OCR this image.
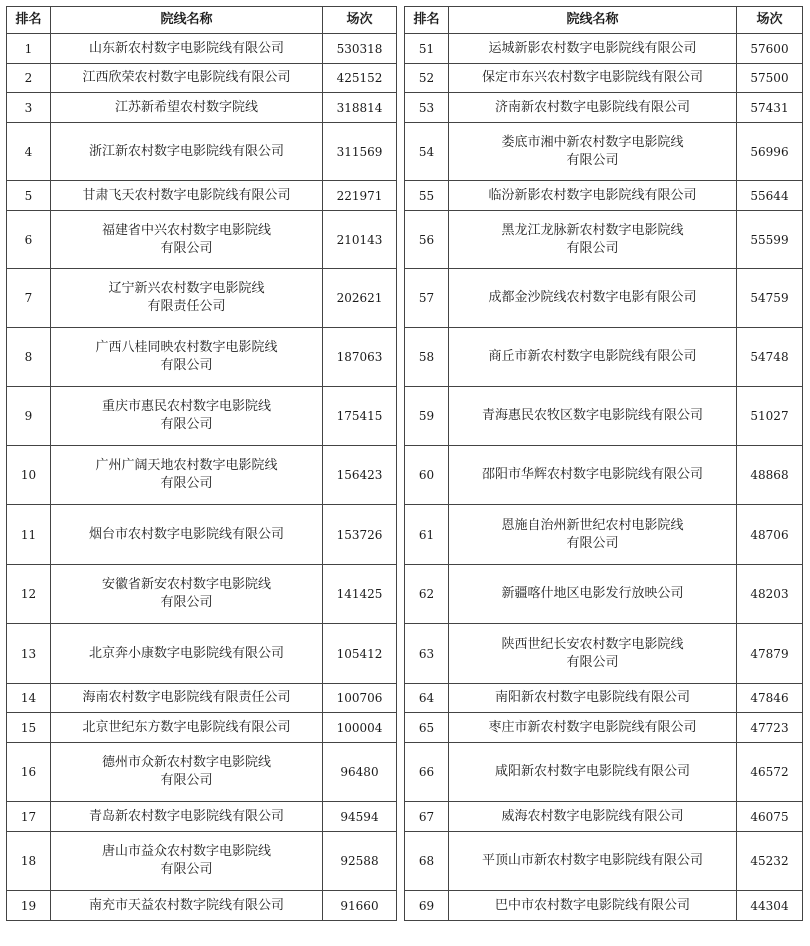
排名	院线名称	场次
1	山东新农村数字电影院线有限公司	530318
2	江西欣荣农村数字电影院线有限公司	425152
3	江苏新希望农村数字院线	318814
4	浙江新农村数字电影院线有限公司	311569
5	甘肃飞天农村数字电影院线有限公司	221971
6	福建省中兴农村数字电影院线
有限公司	210143
7	辽宁新兴农村数字电影院线
有限责任公司	202621
8	广西八桂同映农村数字电影院线
有限公司	187063
9	重庆市惠民农村数字电影院线
有限公司	175415
10	广州广阔天地农村数字电影院线
有限公司	156423
11	烟台市农村数字电影院线有限公司	153726
12	安徽省新安农村数字电影院线
有限公司	141425
13	北京奔小康数字电影院线有限公司	105412
14	海南农村数字电影院线有限责任公司	100706
15	北京世纪东方数字电影院线有限公司	100004
16	德州市众新农村数字电影院线
有限公司	96480
17	青岛新农村数字电影院线有限公司	94594
18	唐山市益众农村数字电影院线
有限公司	92588
19	南充市天益农村数字院线有限公司	91660
排名	院线名称	场次
51	运城新影农村数字电影院线有限公司	57600
52	保定市东兴农村数字电影院线有限公司	57500
53	济南新农村数字电影院线有限公司	57431
54	娄底市湘中新农村数字电影院线
有限公司	56996
55	临汾新影农村数字电影院线有限公司	55644
56	黑龙江龙脉新农村数字电影院线
有限公司	55599
57	成都金沙院线农村数字电影有限公司	54759
58	商丘市新农村数字电影院线有限公司	54748
59	青海惠民农牧区数字电影院线有限公司	51027
60	邵阳市华辉农村数字电影院线有限公司	48868
61	恩施自治州新世纪农村电影院线
有限公司	48706
62	新疆喀什地区电影发行放映公司	48203
63	陕西世纪长安农村数字电影院线
有限公司	47879
64	南阳新农村数字电影院线有限公司	47846
65	枣庄市新农村数字电影院线有限公司	47723
66	咸阳新农村数字电影院线有限公司	46572
67	威海农村数字电影院线有限公司	46075
68	平顶山市新农村数字电影院线有限公司	45232
69	巴中市农村数字电影院线有限公司	44304
